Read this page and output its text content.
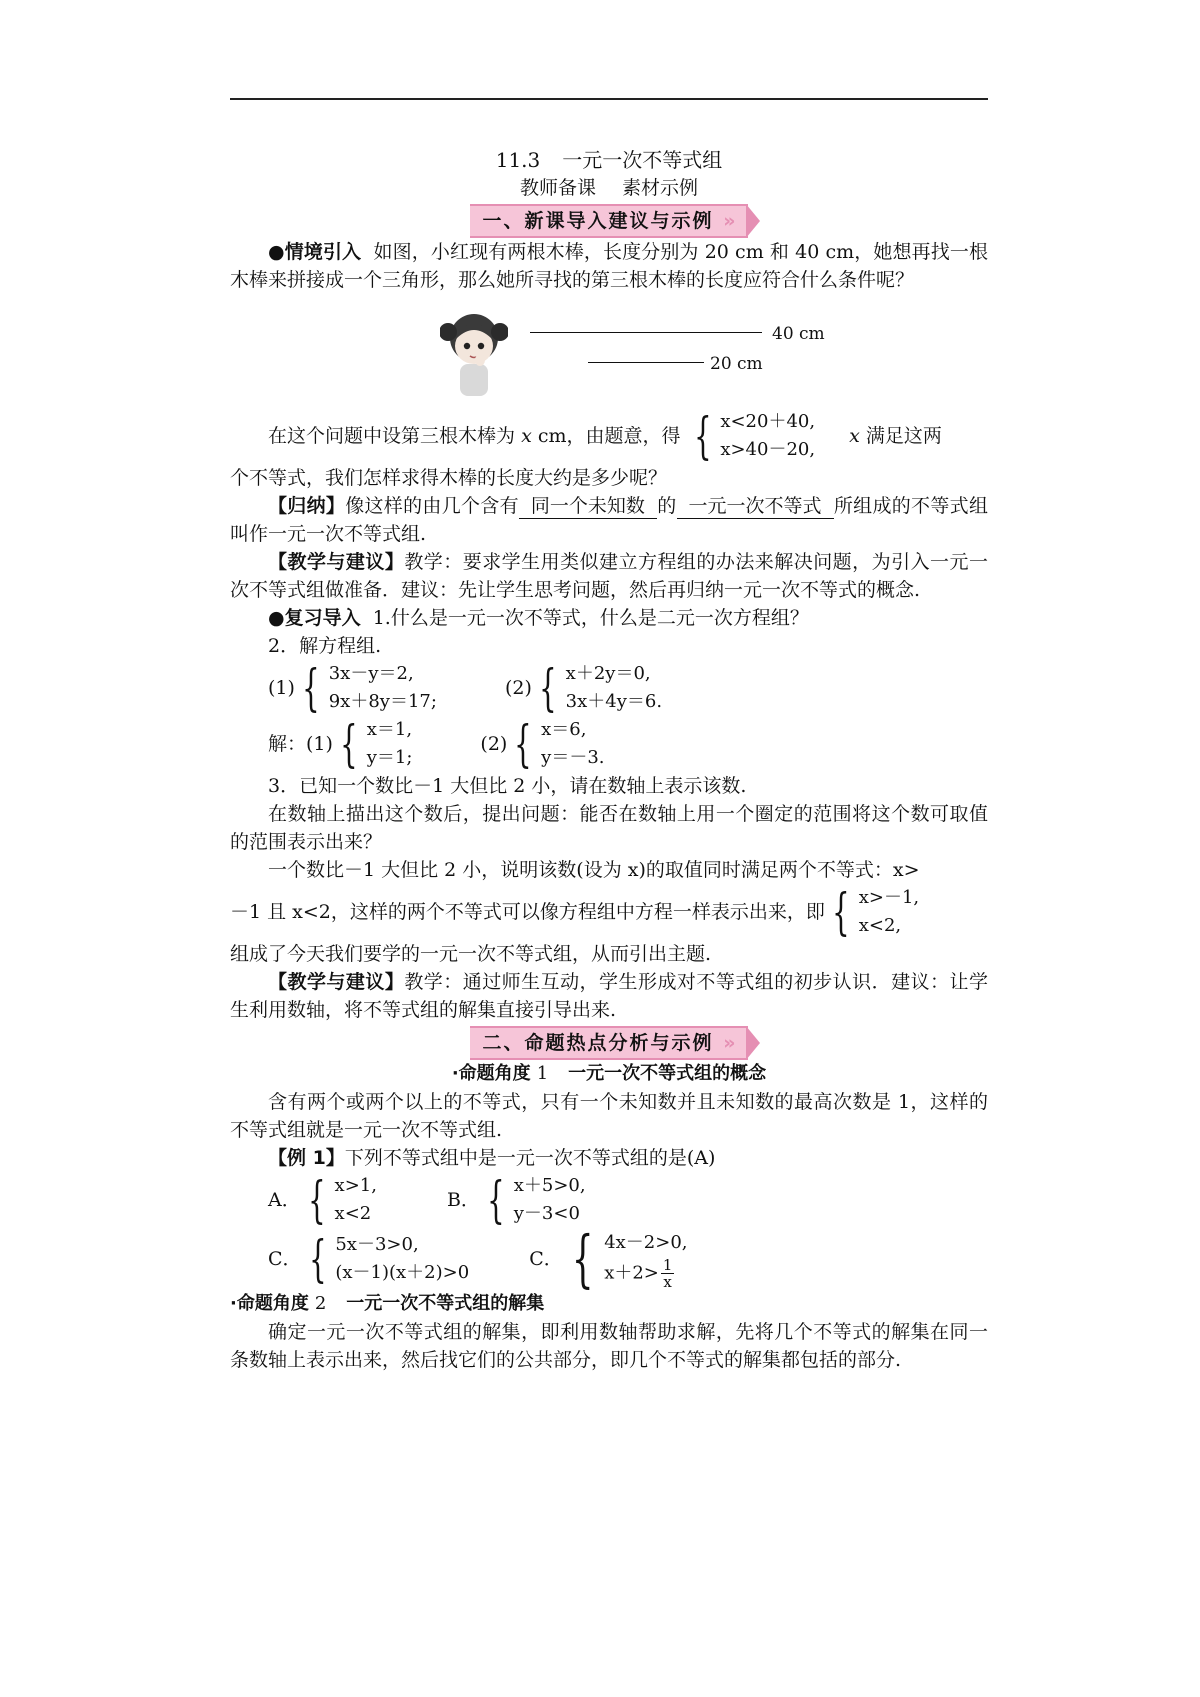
11.3 一元一次不等式组
教师备课 素材示例
一、新课导入建议与示例 »
●情境引入 如图，小红现有两根木棒，长度分别为 20 cm 和 40 cm，她想再找一根木棒来拼接成一个三角形，那么她所寻找的第三根木棒的长度应符合什么条件呢？
40 cm
20 cm
在这个问题中设第三根木棒为
x
cm，由题意，得 { x<20＋40,
x>40－20,
x
满足这两
个不等式，我们怎样求得木棒的长度大约是多少呢？
【归纳】像这样的由几个含有 同一个未知数 的 一元一次不等式 所组成的不等式组叫作一元一次不等式组.
【教学与建议】教学：要求学生用类似建立方程组的办法来解决问题，为引入一元一次不等式组做准备．建议：先让学生思考问题，然后再归纳一元一次不等式的概念.
●复习导入 1.什么是一元一次不等式，什么是二元一次方程组？
2．解方程组.
(1) { 3x－y＝2,
9x＋8y＝17;
(2) { x＋2y＝0,
3x＋4y＝6.
解：(1) { x＝1,
y＝1;
(2) { x＝6,
y＝－3.
3．已知一个数比－1 大但比 2 小，请在数轴上表示该数.
在数轴上描出这个数后，提出问题：能否在数轴上用一个圈定的范围将这个数可取值的范围表示出来？
一个数比－1 大但比 2 小，说明该数(设为 x)的取值同时满足两个不等式：x>
－1 且 x<2，这样的两个不等式可以像方程组中方程一样表示出来，即 { x>－1,
x<2,
组成了今天我们要学的一元一次不等式组，从而引出主题.
【教学与建议】教学：通过师生互动，学生形成对不等式组的初步认识．建议：让学生利用数轴，将不等式组的解集直接引导出来.
二、命题热点分析与示例 »
·命题角度 1 一元一次不等式组的概念
含有两个或两个以上的不等式，只有一个未知数并且未知数的最高次数是 1，这样的不等式组就是一元一次不等式组.
【例 1】下列不等式组中是一元一次不等式组的是(A)
A． { x>1,
x<2
B． { x＋5>0,
y－3<0
C． { 5x－3>0,
(x－1)(x＋2)>0
C． { 4x－2>0,
$x+2> \frac{1}{x}$
·命题角度 2 一元一次不等式组的解集
确定一元一次不等式组的解集，即利用数轴帮助求解，先将几个不等式的解集在同一条数轴上表示出来，然后找它们的公共部分，即几个不等式的解集都包括的部分.
